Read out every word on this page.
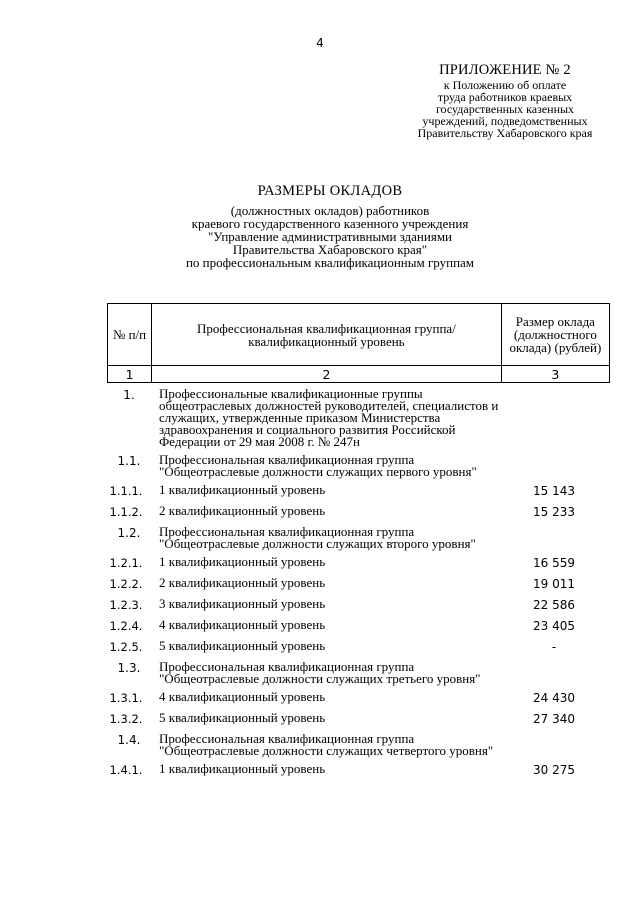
4
ПРИЛОЖЕНИЕ № 2
к Положению об оплате
труда работников краевых
государственных казенных
учреждений, подведомственных
Правительству Хабаровского края
РАЗМЕРЫ ОКЛАДОВ
(должностных окладов) работников
краевого государственного казенного учреждения
"Управление административными зданиями
Правительства Хабаровского края"
по профессиональным квалификационным группам
№ п/п	Профессиональная квалификационная группа/ квалификационный уровень	Размер оклада (должностного оклада) (рублей)
1	2	3
1.	Профессиональные квалификационные группы общеотраслевых должностей руководителей, специалистов и служащих, утвержденные приказом Министерства здравоохранения и социального развития Российской Федерации от 29 мая 2008 г. № 247н
1.1.	Профессиональная квалификационная группа "Общеотраслевые должности служащих первого уровня"
1.1.1.	1 квалификационный уровень	15 143
1.1.2.	2 квалификационный уровень	15 233
1.2.	Профессиональная квалификационная группа "Общеотраслевые должности служащих второго уровня"
1.2.1.	1 квалификационный уровень	16 559
1.2.2.	2 квалификационный уровень	19 011
1.2.3.	3 квалификационный уровень	22 586
1.2.4.	4 квалификационный уровень	23 405
1.2.5.	5 квалификационный уровень	-
1.3.	Профессиональная квалификационная группа "Общеотраслевые должности служащих третьего уровня"
1.3.1.	4 квалификационный уровень	24 430
1.3.2.	5 квалификационный уровень	27 340
1.4.	Профессиональная квалификационная группа "Общеотраслевые должности служащих четвертого уровня"
1.4.1.	1 квалификационный уровень	30 275
